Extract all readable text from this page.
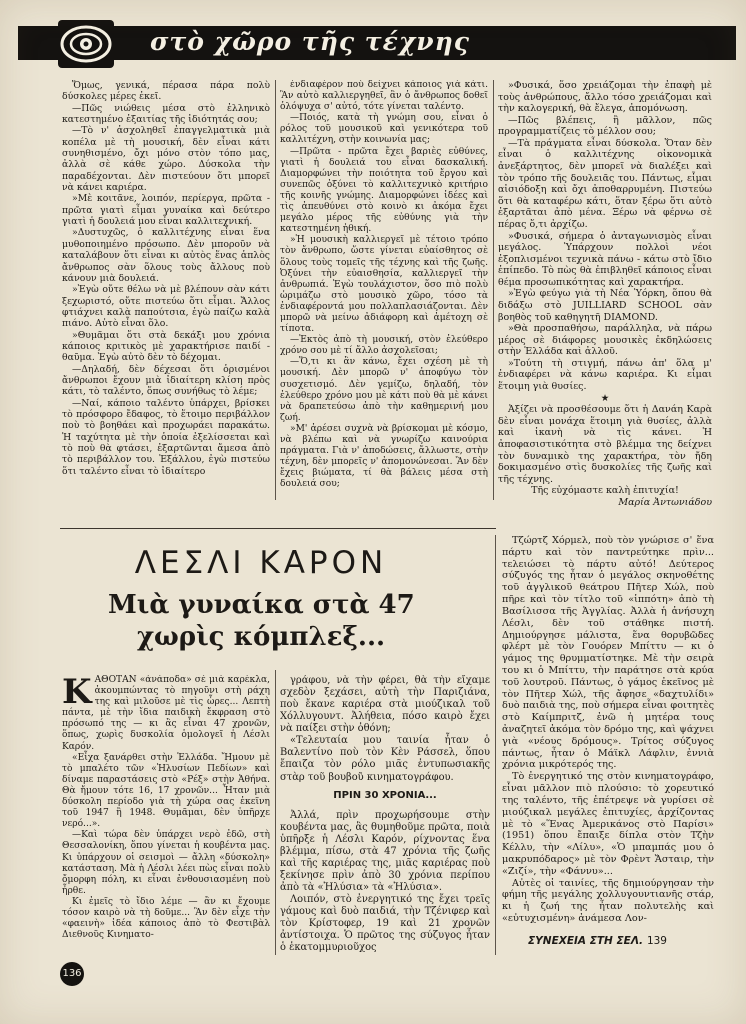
στὸ χῶρο τῆς τέχνης

Ὅμως, γενικά, πέρασα πάρα πολὺ δύσκολες μέρες ἐκεῖ.

—Πῶς νιώθεις μέσα στὸ ἑλληνικὸ κατεστημένο ἐξαιτίας τῆς ἰδιότητάς σου;

—Τὸ ν' ἀσχοληθεῖ ἐπαγγελματικὰ μιὰ κοπέλα μὲ τὴ μουσική, δὲν εἶναι κάτι συνηθισμένο, ὄχι μόνο στὸν τόπο μας, ἀλλὰ σὲ κάθε χώρο. Δύσκολα τὴν παραδέχονται. Δὲν πιστεύουν ὅτι μπορεῖ νὰ κάνει καριέρα.

»Μὲ κοιτᾶνε, λοιπόν, περίεργα, πρῶτα - πρῶτα γιατὶ εἶμαι γυναίκα καὶ δεύτερο γιατὶ ἡ δουλειά μου εἶναι καλλιτεχνική.

»Δυστυχῶς, ὁ καλλιτέχνης εἶναι ἕνα μυθοποιημένο πρόσωπο. Δὲν μποροῦν νὰ καταλάβουν ὅτι εἶναι κι αὐτὸς ἕνας ἁπλὸς ἄνθρωπος σὰν ὅλους τοὺς ἄλλους ποὺ κάνουν μιὰ δουλειά.

»Ἐγὼ οὔτε θέλω νὰ μὲ βλέπουν σὰν κάτι ξεχωριστό, οὔτε πιστεύω ὅτι εἶμαι. Ἄλλος φτιάχνει καλὰ παπούτσια, ἐγὼ παίζω καλὰ πιάνο. Αὐτὸ εἶναι ὅλο.

»Θυμᾶμαι ὅτι στὰ δεκάξι μου χρόνια κάποιος κριτικὸς μὲ χαρακτήρισε παιδί - θαῦμα. Ἐγὼ αὐτὸ δὲν τὸ δέχομαι.

—Δηλαδή, δὲν δέχεσαι ὅτι ὁρισμένοι ἄνθρωποι ἔχουν μιὰ ἰδιαίτερη κλίση πρὸς κάτι, τὸ ταλέντο, ὅπως συνήθως τὸ λέμε;

—Ναί, κάποιο ταλέντο ὑπάρχει, βρίσκει τὸ πρόσφορο ἔδαφος, τὸ ἕτοιμο περιβάλλον ποὺ τὸ βοηθάει καὶ προχωράει παρακάτω. Ἡ ταχύτητα μὲ τὴν ὁποία ἐξελίσσεται καὶ τὸ ποὺ θὰ φτάσει, ἐξαρτῶνται ἄμεσα ἀπὸ τὸ περιβάλλον του. Ἐξάλλου, ἐγὼ πιστεύω ὅτι ταλέντο εἶναι τὸ ἰδιαίτερο

ἐνδιαφέρον ποὺ δείχνει κάποιος γιὰ κάτι. Ἂν αὐτὸ καλλιεργηθεῖ, ἂν ὁ ἄνθρωπος δοθεῖ ὁλόψυχα σ' αὐτό, τότε γίνεται ταλέντο.

—Ποιός, κατὰ τὴ γνώμη σου, εἶναι ὁ ρόλος τοῦ μουσικοῦ καὶ γενικότερα τοῦ καλλιτέχνη, στὴν κοινωνία μας;

—Πρῶτα - πρῶτα ἔχει βαριὲς εὐθύνες, γιατὶ ἡ δουλειά του εἶναι δασκαλική. Διαμορφώνει τὴν ποιότητα τοῦ ἔργου καὶ συνεπῶς ὀξύνει τὸ καλλιτεχνικὸ κριτήριο τῆς κοινῆς γνώμης. Διαμορφώνει ἰδέες καὶ τὶς ἀπευθύνει στὸ κοινὸ κι ἀκόμα ἔχει μεγάλο μέρος τῆς εὐθύνης γιὰ τὴν κατεστημένη ἠθική.

»Ἡ μουσικὴ καλλιεργεῖ μὲ τέτοιο τρόπο τὸν ἄνθρωπο, ὥστε γίνεται εὐαίσθητος σὲ ὅλους τοὺς τομεῖς τῆς τέχνης καὶ τῆς ζωῆς. Ὀξύνει τὴν εὐαισθησία, καλλιεργεῖ τὴν ἀνθρωπιά. Ἐγὼ τουλάχιστον, ὅσο πιὸ πολὺ ὡριμάζω στὸ μουσικὸ χῶρο, τόσο τὰ ἐνδιαφέροντά μου πολλαπλασιάζονται. Δὲν μπορῶ νὰ μείνω ἀδιάφορη καὶ ἀμέτοχη σὲ τίποτα.

—Ἐκτὸς ἀπὸ τὴ μουσική, στὸν ἐλεύθερο χρόνο σου μὲ τί ἄλλο ἀσχολεῖσαι;

—Ὅ,τι κι ἂν κάνω, ἔχει σχέση μὲ τὴ μουσική. Δὲν μπορῶ ν' ἀποφύγω τὸν συσχετισμό. Δὲν γεμίζω, δηλαδή, τὸν ἐλεύθερο χρόνο μου μὲ κάτι ποὺ θὰ μὲ κάνει νὰ δραπετεύσω ἀπὸ τὴν καθημερινή μου ζωή.

»Μ' ἀρέσει συχνὰ νὰ βρίσκομαι μὲ κόσμο, νὰ βλέπω καὶ νὰ γνωρίζω καινούρια πράγματα. Γιὰ ν' ἀποδώσεις, ἄλλωστε, στὴν τέχνη, δὲν μπορεῖς ν' ἀπομονώνεσαι. Ἂν δὲν ἔχεις βιώματα, τί θὰ βάλεις μέσα στὴ δουλειά σου;

»Φυσικά, ὅσο χρειάζομαι τὴν ἐπαφὴ μὲ τοὺς ἀνθρώπους, ἄλλο τόσο χρειάζομαι καὶ τὴν καλογερική, θὰ ἔλεγα, ἀπομόνωση.

—Πῶς βλέπεις, ἢ μᾶλλον, πῶς προγραμματίζεις τὸ μέλλον σου;

—Τὰ πράγματα εἶναι δύσκολα. Ὅταν δὲν εἶναι ὁ καλλιτέχνης οἰκονομικὰ ἀνεξάρτητος, δὲν μπορεῖ νὰ διαλέξει καὶ τὸν τρόπο τῆς δουλειᾶς του. Πάντως, εἶμαι αἰσιόδοξη καὶ ὄχι ἀποθαρρυμένη. Πιστεύω ὅτι θὰ καταφέρω κάτι, ὅταν ξέρω ὅτι αὐτὸ ἐξαρτᾶται ἀπὸ μένα. Ξέρω νὰ φέρνω σὲ πέρας ὅ,τι ἀρχίζω.

»Φυσικά, σήμερα ὁ ἀνταγωνισμὸς εἶναι μεγάλος. Ὑπάρχουν πολλοὶ νέοι ἐξοπλισμένοι τεχνικὰ πάνω - κάτω στὸ ἴδιο ἐπίπεδο. Τὸ πὼς θὰ ἐπιβληθεῖ κάποιος εἶναι θέμα προσωπικότητας καὶ χαρακτήρα.

»Ἐγὼ φεύγω γιὰ τὴ Νέα Ὑόρκη, ὅπου θὰ διδάξω στὸ JUILLIARD SCHOOL σὰν βοηθὸς τοῦ καθηγητῆ DIAMOND.

»Θὰ προσπαθήσω, παράλληλα, νὰ πάρω μέρος σὲ διάφορες μουσικὲς ἐκδηλώσεις στὴν Ἑλλάδα καὶ ἀλλοῦ.

»Τούτη τὴ στιγμή, πάνω ἀπ' ὅλα μ' ἐνδιαφέρει νὰ κάνω καριέρα. Κι εἶμαι ἕτοιμη γιὰ θυσίες.

★

Ἀξίζει νὰ προσθέσουμε ὅτι ἡ Δανάη Καρὰ δὲν εἶναι μονάχα ἕτοιμη γιὰ θυσίες, ἀλλὰ καὶ ἱκανὴ νὰ τὶς κάνει. Ἡ ἀποφασιστικότητα στὸ βλέμμα της δείχνει τὸν δυναμικὸ της χαρακτήρα, τὸν ἤδη δοκιμασμένο στὶς δυσκολίες τῆς ζωῆς καὶ τῆς τέχνης.

Τῆς εὐχόμαστε καλὴ ἐπιτυχία!

Μαρία Ἀντωνιάδου

ΛΕΣΛΙ ΚΑΡΟΝ
Μιὰ γυναίκα στὰ 47
χωρὶς κόμπλεξ...

ΚΑΘΟΤΑΝ «ἀνάποδα» σὲ μιὰ καρέκλα, ἀκουμπώντας τὸ πηγοῦνι στὴ ράχη της καὶ μιλοῦσε μὲ τὶς ὧρες... Λεπτὴ πάντα, μὲ τὴν ἴδια παιδικὴ ἔκφραση στὸ πρόσωπό της — κι ἂς εἶναι 47 χρονῶν, ὅπως, χωρὶς δυσκολία ὁμολογεῖ ἡ Λέσλι Καρόν.

«Εἶχα ξανάρθει στὴν Ἑλλάδα. Ἤμουν μὲ τὸ μπαλέτο τῶν «Ἠλυσίων Πεδίων» καὶ δίναμε παραστάσεις στὸ «Ρέξ» στὴν Ἀθήνα. Θὰ ἤμουν τότε 16, 17 χρονῶν... Ἦταν μιὰ δύσκολη περίοδο γιὰ τὴ χώρα σας ἐκεῖνη τοῦ 1947 ἢ 1948. Θυμᾶμαι, δὲν ὑπῆρχε νερό...».

—Καὶ τώρα δὲν ὑπάρχει νερὸ ἐδῶ, στὴ Θεσσαλονίκη, ὅπου γίνεται ἡ κουβέντα μας. Κι ὑπάρχουν οἱ σεισμοὶ — ἄλλη «δύσκολη» κατάσταση. Μὰ ἡ Λέσλι λέει πὼς εἶναι πολὺ ὄμορφη πόλη, κι εἶναι ἐνθουσιασμένη ποὺ ἦρθε.

Κι ἐμεῖς τὸ ἴδιο λέμε — ἂν κι ἔχουμε τόσον καιρὸ νὰ τὴ δοῦμε... Ἂν δὲν εἶχε τὴν «φαεινὴ» ἰδέα κάποιος ἀπὸ τὸ Φεστιβὰλ Διεθνοῦς Κινηματο-

γράφου, νὰ τὴν φέρει, θὰ τὴν εἴχαμε σχεδὸν ξεχάσει, αὐτὴ τὴν Παριζιάνα, ποὺ ἔκανε καριέρα στὰ μιούζικαλ τοῦ Χόλλυγουντ. Ἀλήθεια, πόσο καιρὸ ἔχει νὰ παίξει στὴν ὀθόνη;

«Τελευταία μου ταινία ἦταν ὁ Βαλεντίνο ποὺ τὸν Κὲν Ράσσελ, ὅπου ἔπαιζα τὸν ρόλο μιᾶς ἐντυπωσιακῆς στὰρ τοῦ βουβοῦ κινηματογράφου.

ΠΡΙΝ 30 ΧΡΟΝΙΑ...

Ἀλλά, πρὶν προχωρήσουμε στὴν κουβέντα μας, ἂς θυμηθοῦμε πρῶτα, ποιὰ ὑπῆρξε ἡ Λέσλι Καρόν, ρίχνοντας ἕνα βλέμμα, πίσω, στὰ 47 χρόνια τῆς ζωῆς καὶ τῆς καριέρας της, μιᾶς καριέρας ποὺ ξεκίνησε πρὶν ἀπὸ 30 χρόνια περίπου ἀπὸ τὰ «Ἠλύσια» τὰ «Ἠλύσια».

Λοιπόν, στὸ ἐνεργητικό της ἔχει τρεῖς γάμους καὶ δυὸ παιδιά, τὴν Τζένιφερ καὶ τὸν Κρίστοφερ, 19 καὶ 21 χρονῶν ἀντίστοιχα. Ὁ πρῶτος της σύζυγος ἦταν ὁ ἑκατομμυριοῦχος

Τζώρτζ Χόρμελ, ποὺ τὸν γνώρισε σ' ἕνα πάρτυ καὶ τὸν παντρεύτηκε πρὶν... τελειώσει τὸ πάρτυ αὐτό! Δεύτερος σύζυγός της ἦταν ὁ μεγάλος σκηνοθέτης τοῦ ἀγγλικοῦ θεάτρου Πῆτερ Χώλ, ποὺ πῆρε καὶ τὸν τίτλο τοῦ «ἱππότη» ἀπὸ τὴ Βασίλισσα τῆς Ἀγγλίας. Ἀλλὰ ἡ ἀνήσυχη Λέσλι, δὲν τοῦ στάθηκε πιστή. Δημιούργησε μάλιστα, ἕνα θορυβῶδες φλέρτ μὲ τὸν Γουόρεν Μπίττυ — κι ὁ γάμος της θρυμματίστηκε. Μὲ τὴν σειρὰ του κι ὁ Μπίττυ, τὴν παράτησε στὰ κρύα τοῦ λουτροῦ. Πάντως, ὁ γάμος ἐκεῖνος μὲ τὸν Πῆτερ Χώλ, τῆς ἄφησε «δαχτυλίδι» δυὸ παιδιὰ της, ποὺ σήμερα εἶναι φοιτητὲς στὸ Καίμπριτζ, ἐνῶ ἡ μητέρα τους ἀναζητεῖ ἀκόμα τὸν δρόμο της, καὶ ψάχνει γιὰ «νέους δρόμους». Τρίτος σύζυγος πάντως, ἦταν ὁ Μάϊκλ Λάφλιν, ἐννιὰ χρόνια μικρότερός της.

Τὸ ἐνεργητικό της στὸν κινηματογράφο, εἶναι μᾶλλον πιὸ πλούσιο: τὸ χορευτικό της ταλέντο, τῆς ἐπέτρεψε νὰ γυρίσει σὲ μιούζικαλ μεγάλες ἐπιτυχίες, ἀρχίζοντας μὲ τὸ «Ἕνας Ἀμερικάνος στὸ Παρίσι» (1951) ὅπου ἔπαιξε δίπλα στὸν Τζὴν Κέλλυ, τὴν «Λίλυ», «Ὁ μπαμπάς μου ὁ μακρυπόδαρος» μὲ τὸν Φρὲντ Ἄσταιρ, τὴν «Ζιζί», τὴν «Φάννυ»...

Αὐτὲς οἱ ταινίες, τῆς δημιούργησαν τὴν φήμη τῆς μεγάλης χολλυγουντιανῆς στάρ, κι ἡ ζωή της ἦταν πολυτελὴς καὶ «εὐτυχισμένη» ἀνάμεσα Λον-

ΣΥΝΕΧΕΙΑ ΣΤΗ ΣΕΛ. 139
136
